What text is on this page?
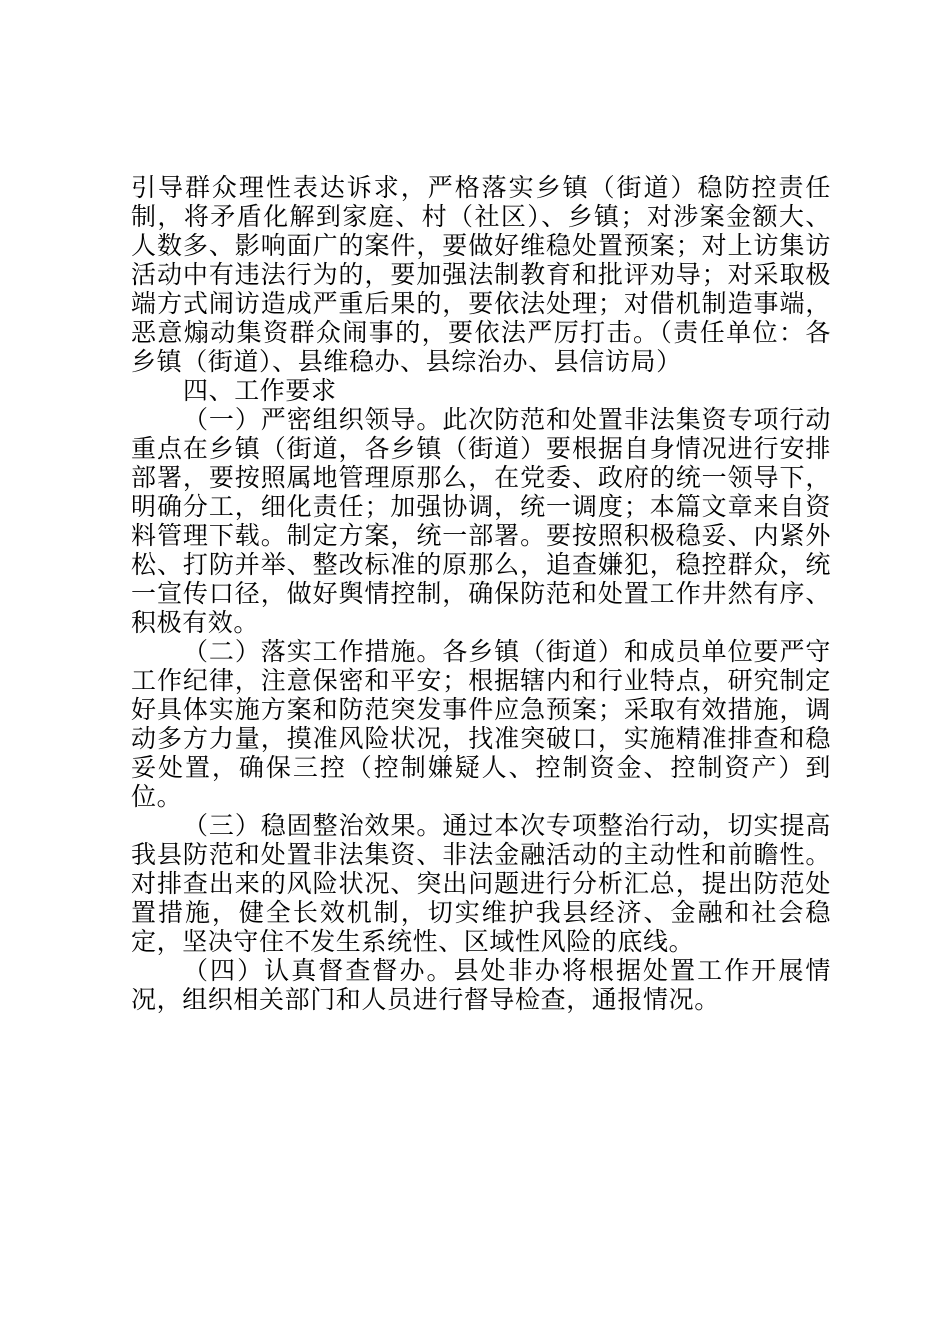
引导群众理性表达诉求，严格落实乡镇（街道）稳防控责任制，将矛盾化解到家庭、村（社区）、乡镇；对涉案金额大、人数多、影响面广的案件，要做好维稳处置预案；对上访集访活动中有违法行为的，要加强法制教育和批评劝导；对采取极端方式闹访造成严重后果的，要依法处理；对借机制造事端，恶意煽动集资群众闹事的，要依法严厉打击。（责任单位：各乡镇（街道）、县维稳办、县综治办、县信访局）

四、工作要求

（一）严密组织领导。此次防范和处置非法集资专项行动重点在乡镇（街道，各乡镇（街道）要根据自身情况进行安排部署，要按照属地管理原那么，在党委、政府的统一领导下，明确分工，细化责任；加强协调，统一调度；本篇文章来自资料管理下载。制定方案，统一部署。要按照积极稳妥、内紧外松、打防并举、整改标准的原那么，追查嫌犯，稳控群众，统一宣传口径，做好舆情控制，确保防范和处置工作井然有序、积极有效。

（二）落实工作措施。各乡镇（街道）和成员单位要严守工作纪律，注意保密和平安；根据辖内和行业特点，研究制定好具体实施方案和防范突发事件应急预案；采取有效措施，调动多方力量，摸准风险状况，找准突破口，实施精准排查和稳妥处置，确保三控（控制嫌疑人、控制资金、控制资产）到位。

（三）稳固整治效果。通过本次专项整治行动，切实提高我县防范和处置非法集资、非法金融活动的主动性和前瞻性。对排查出来的风险状况、突出问题进行分析汇总，提出防范处置措施，健全长效机制，切实维护我县经济、金融和社会稳定，坚决守住不发生系统性、区域性风险的底线。

（四）认真督查督办。县处非办将根据处置工作开展情况，组织相关部门和人员进行督导检查，通报情况。
